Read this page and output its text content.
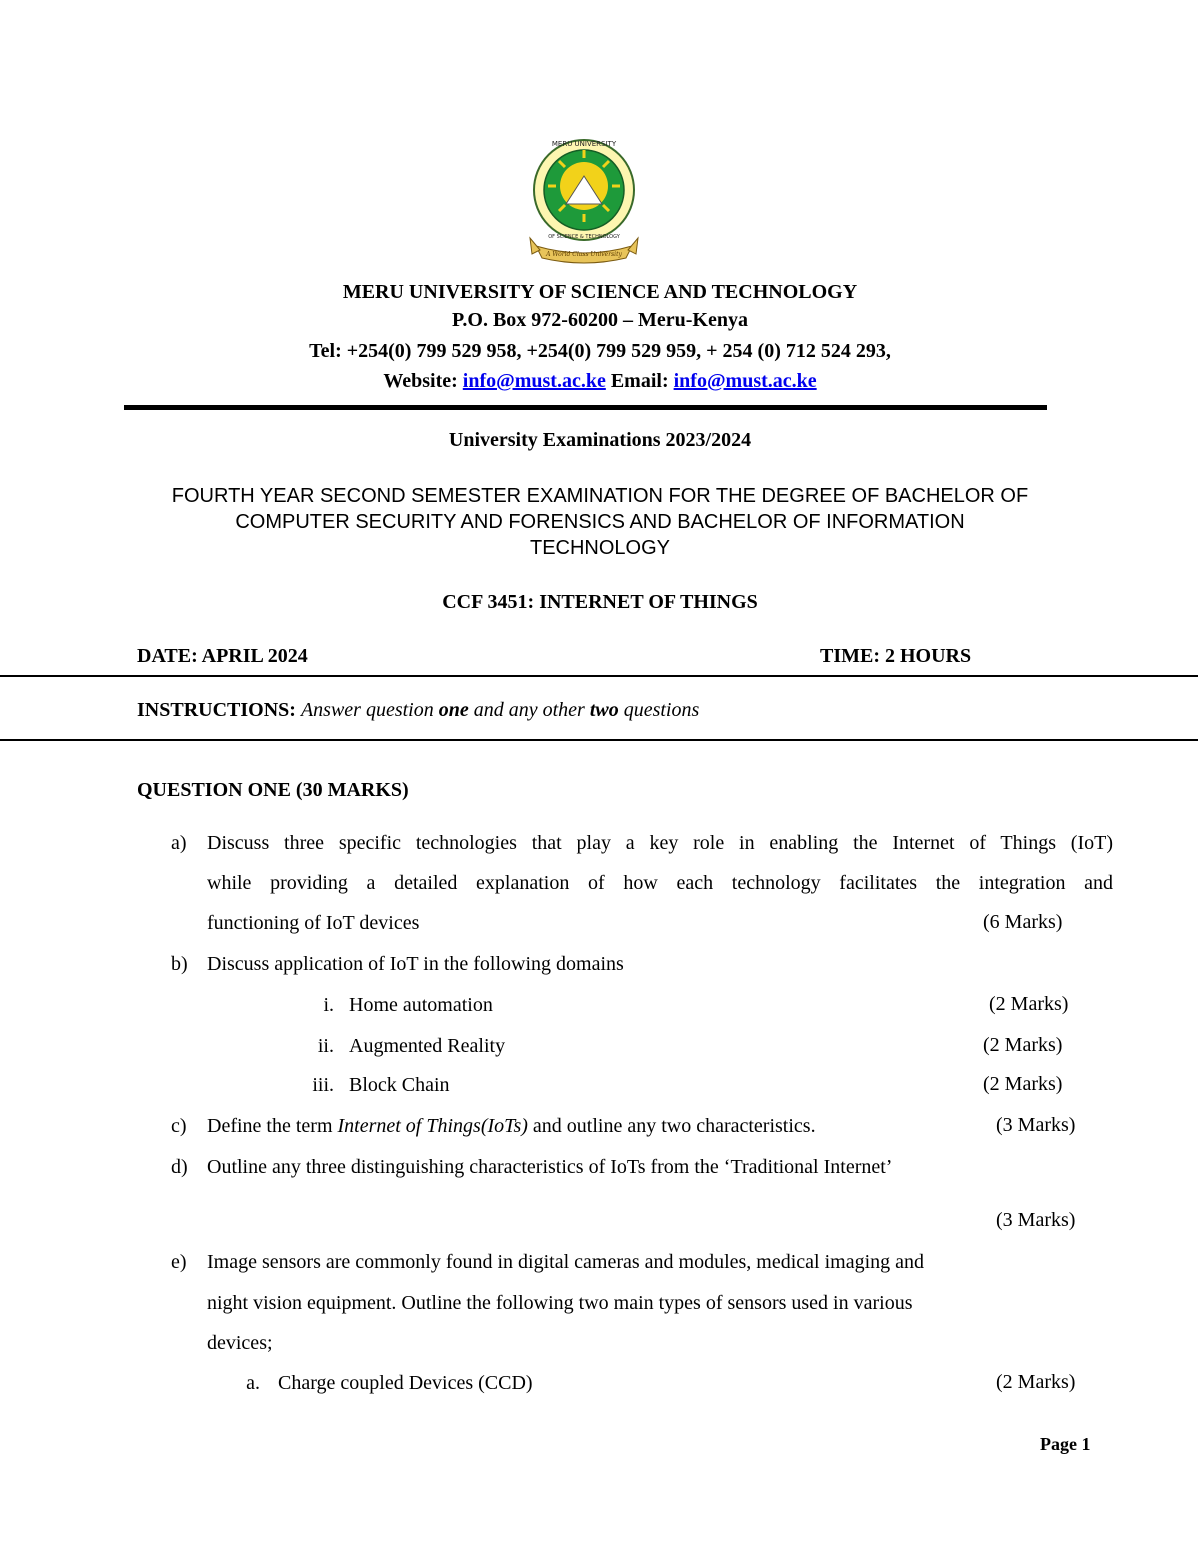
MERU UNIVERSITY
OF SCIENCE & TECHNOLOGY
A World Class University
MERU UNIVERSITY OF SCIENCE AND TECHNOLOGY
P.O. Box 972-60200 – Meru-Kenya
Tel: +254(0) 799 529 958, +254(0) 799 529 959, + 254 (0) 712 524 293,
Website: info@must.ac.ke Email: info@must.ac.ke
University Examinations 2023/2024
FOURTH YEAR SECOND SEMESTER EXAMINATION FOR THE DEGREE OF BACHELOR OF
COMPUTER SECURITY AND FORENSICS AND BACHELOR OF INFORMATION
TECHNOLOGY
CCF 3451: INTERNET OF THINGS
DATE: APRIL 2024	TIME: 2 HOURS
INSTRUCTIONS: Answer question one and any other two questions
QUESTION ONE (30 MARKS)
a) Discuss three specific technologies that play a key role in enabling the Internet of Things (IoT)
while providing a detailed explanation of how each technology facilitates the integration and
functioning of IoT devices	(6 Marks)
b) Discuss application of IoT in the following domains
i. Home automation	(2 Marks)
ii. Augmented Reality	(2 Marks)
iii. Block Chain	(2 Marks)
c) Define the term Internet of Things(IoTs) and outline any two characteristics.	(3 Marks)
d) Outline any three distinguishing characteristics of IoTs from the ‘Traditional Internet’
(3 Marks)
e) Image sensors are commonly found in digital cameras and modules, medical imaging and
night vision equipment. Outline the following two main types of sensors used in various
devices;
a. Charge coupled Devices (CCD)	(2 Marks)
Page 1
